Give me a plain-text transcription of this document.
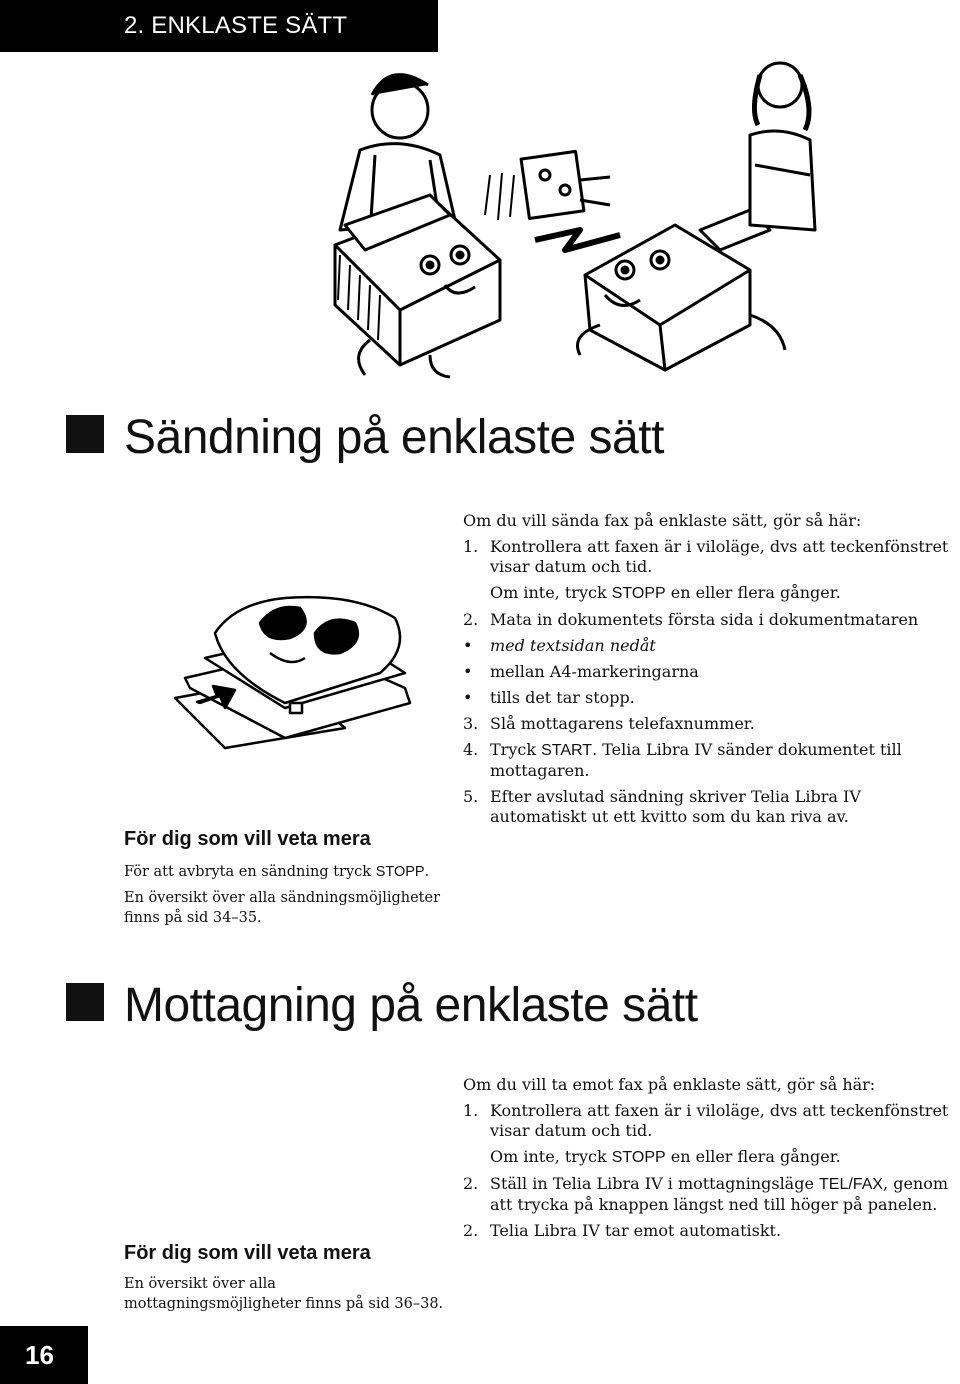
2. ENKLASTE SÄTT
Sändning på enklaste sätt

Om du vill sända fax på enklaste sätt, gör så här:

1. Kontrollera att faxen är i viloläge, dvs att teckenfönstret visar datum och tid.
Om inte, tryck STOPP en eller flera gånger.
2. Mata in dokumentets första sida i dokumentmataren
•	med textsidan nedåt
•	mellan A4-markeringarna
•	tills det tar stopp.
3. Slå mottagarens telefaxnummer.
4. Tryck START. Telia Libra IV sänder dokumentet till mottagaren.
5. Efter avslutad sändning skriver Telia Libra IV automatiskt ut ett kvitto som du kan riva av.
För dig som vill veta mera

För att avbryta en sändning tryck STOPP.

En översikt över alla sändningsmöjligheter finns på sid 34–35.

Mottagning på enklaste sätt

Om du vill ta emot fax på enklaste sätt, gör så här:

1. Kontrollera att faxen är i viloläge, dvs att teckenfönstret visar datum och tid.
Om inte, tryck STOPP en eller flera gånger.
2. Ställ in Telia Libra IV i mottagningsläge TEL/FAX, genom att trycka på knappen längst ned till höger på panelen.
2. Telia Libra IV tar emot automatiskt.
För dig som vill veta mera

En översikt över alla mottagningsmöjligheter finns på sid 36–38.

16
